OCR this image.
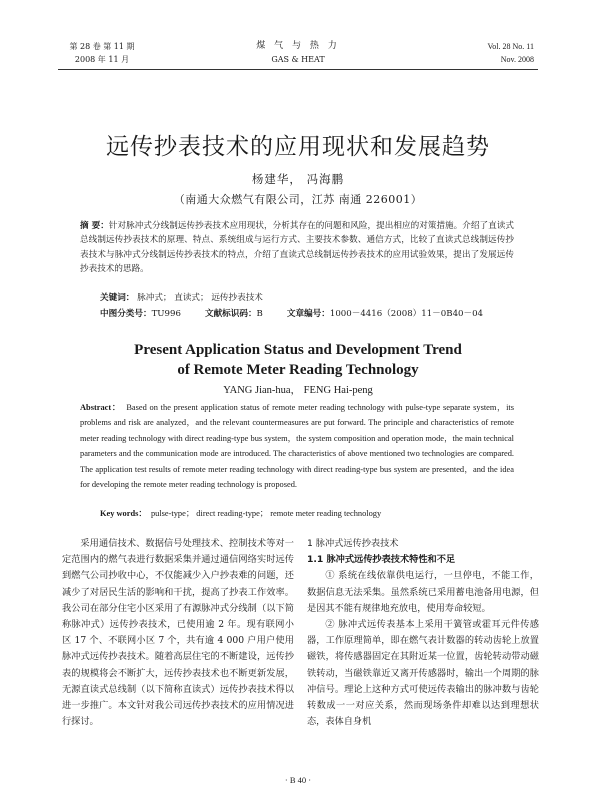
第 28 卷 第 11 期
2008 年 11 月
煤 气 与 热 力
GAS & HEAT
Vol. 28 No. 11
Nov. 2008
远传抄表技术的应用现状和发展趋势
杨建华， 冯海鹏
（南通大众燃气有限公司，江苏 南通 226001）
摘 要：针对脉冲式分线制远传抄表技术应用现状，分析其存在的问题和风险，提出相应的对策措施。介绍了直读式总线制远传抄表技术的原理、特点、系统组成与运行方式、主要技术参数、通信方式，比较了直读式总线制远传抄表技术与脉冲式分线制远传抄表技术的特点，介绍了直读式总线制远传抄表技术的应用试验效果，提出了发展远传抄表技术的思路。
关键词： 脉冲式； 直读式； 远传抄表技术
中图分类号：TU996	文献标识码：B	文章编号：1000－4416（2008）11－0B40－04
Present Application Status and Development Trend
of Remote Meter Reading Technology
YANG Jian-hua， FENG Hai-peng
Abstract： Based on the present application status of remote meter reading technology with pulse-type separate system，its problems and risk are analyzed，and the relevant countermeasures are put forward. The principle and characteristics of remote meter reading technology with direct reading-type bus system，the system composition and operation mode，the main technical parameters and the communication mode are introduced. The characteristics of above mentioned two technologies are compared. The application test results of remote meter reading technology with direct reading-type bus system are presented，and the idea for developing the remote meter reading technology is proposed.
Key words： pulse-type； direct reading-type； remote meter reading technology

采用通信技术、数据信号处理技术、控制技术等对一定范围内的燃气表进行数据采集并通过通信网络实时远传到燃气公司抄收中心，不仅能减少入户抄表难的问题，还减少了对居民生活的影响和干扰，提高了抄表工作效率。我公司在部分住宅小区采用了有源脉冲式分线制（以下简称脉冲式）远传抄表技术，已使用逾 2 年。现有联网小区 17 个、不联网小区 7 个，共有逾 4 000 户用户使用脉冲式远传抄表技术。随着高层住宅的不断建设，远传抄表的规模将会不断扩大，远传抄表技术也不断更新发展，无源直读式总线制（以下简称直读式）远传抄表技术得以进一步推广。本文针对我公司远传抄表技术的应用情况进行探讨。

1 脉冲式远传抄表技术
1.1 脉冲式远传抄表技术特性和不足

① 系统在线依靠供电运行，一旦停电，不能工作，数据信息无法采集。虽然系统已采用蓄电池备用电源，但是因其不能有规律地充放电，使用寿命较短。

② 脉冲式远传表基本上采用干簧管或霍耳元件传感器，工作原理简单，即在燃气表计数器的转动齿轮上放置磁铁，将传感器固定在其附近某一位置，齿轮转动带动磁铁转动，当磁铁靠近又离开传感器时，输出一个周期的脉冲信号。理论上这种方式可使远传表输出的脉冲数与齿轮转数成一一对应关系，然而现场条件却难以达到理想状态，表体自身机

· B 40 ·
